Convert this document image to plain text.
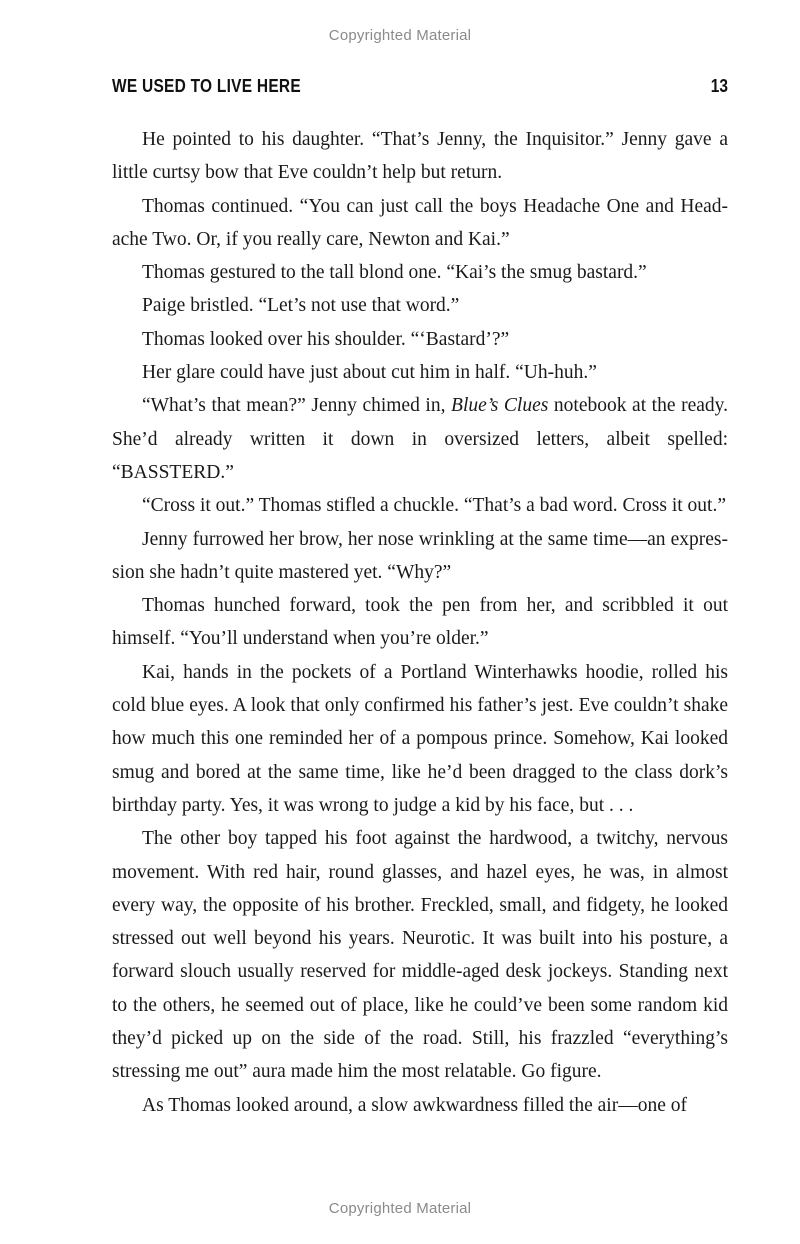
Copyrighted Material
WE USED TO LIVE HERE	13

He pointed to his daughter. “That’s Jenny, the Inquisitor.” Jenny gave a little curtsy bow that Eve couldn’t help but return.

Thomas continued. “You can just call the boys Headache One and Headache Two. Or, if you really care, Newton and Kai.”

Thomas gestured to the tall blond one. “Kai’s the smug bastard.”

Paige bristled. “Let’s not use that word.”

Thomas looked over his shoulder. “‘Bastard’?”

Her glare could have just about cut him in half. “Uh-huh.”

“What’s that mean?” Jenny chimed in, Blue’s Clues notebook at the ready. She’d already written it down in oversized letters, albeit spelled: “BASSTERD.”

“Cross it out.” Thomas stifled a chuckle. “That’s a bad word. Cross it out.”

Jenny furrowed her brow, her nose wrinkling at the same time—an expression she hadn’t quite mastered yet. “Why?”

Thomas hunched forward, took the pen from her, and scribbled it out himself. “You’ll understand when you’re older.”

Kai, hands in the pockets of a Portland Winterhawks hoodie, rolled his cold blue eyes. A look that only confirmed his father’s jest. Eve couldn’t shake how much this one reminded her of a pompous prince. Somehow, Kai looked smug and bored at the same time, like he’d been dragged to the class dork’s birthday party. Yes, it was wrong to judge a kid by his face, but . . .

The other boy tapped his foot against the hardwood, a twitchy, nervous movement. With red hair, round glasses, and hazel eyes, he was, in almost every way, the opposite of his brother. Freckled, small, and fidgety, he looked stressed out well beyond his years. Neurotic. It was built into his posture, a forward slouch usually reserved for middle-aged desk jockeys. Standing next to the others, he seemed out of place, like he could’ve been some random kid they’d picked up on the side of the road. Still, his frazzled “everything’s stressing me out” aura made him the most relatable. Go figure.

As Thomas looked around, a slow awkwardness filled the air—one of

Copyrighted Material
